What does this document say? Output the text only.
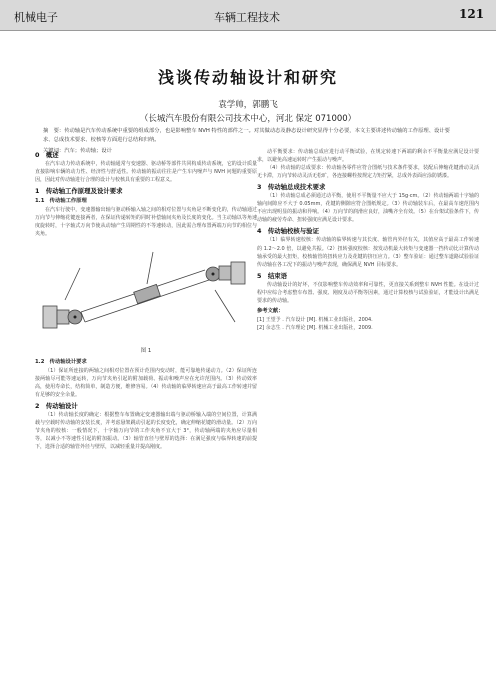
机械电子	车辆工程技术	121
浅谈传动轴设计和研究
袁学帅，郭鹏飞
（长城汽车股份有限公司技术中心，河北 保定 071000）
摘　要：传动轴是汽车传动系统中重要的组成部分，也是影响整车 NVH 特性的部件之一。对其做动态及静态设计研究显得十分必要，本文主要讲述传动轴的工作原理、设计要求、总成技术要求、校核等方面进行总结和归纳。
关键词：汽车；传动轴；设计
0　概述

在汽车动力传动系统中，传动轴通常与变速器、驱动桥等部件共同构成传动系统，它的设计质量直接影响车辆的动力性、经济性与舒适性。传动轴的振动往往是产生车内噪声与 NVH 问题的重要原因，因此对传动轴进行合理的设计与校核具有重要的工程意义。

1　传动轴工作原理及设计要求
1.1　传动轴工作原理

在汽车行驶中，变速器输出轴与驱动桥输入轴之间的相对位置与夹角是不断变化的，传动轴通过万向节与伸缩花键连接两者，在保证传递转矩的同时补偿轴间夹角及长度的变化。当主动轴以等角速度旋转时，十字轴式万向节使从动轴产生周期性的不等速转动，因此需合理布置两端万向节的相位与夹角。

图 1
1.2　传动轴设计要求

（1）保证所连接的两轴之间相对位置在预计范围内变动时，能可靠地传递动力。（2）保证所连接两轴尽可能等速运转，万向节夹角引起的附加载荷、振动和噪声应在允许范围内。（3）传动效率高，使用寿命长，结构简单，制造方便，维修容易。（4）传动轴的临界转速应高于最高工作转速并留有足够的安全余量。

2　传动轴设计

（1）传动轴长度的确定：根据整车布置确定变速器输出端与驱动桥输入端的空间位置，计算满载与空载时传动轴的安装长度，并考虑悬架跳动引起的长度变化，确定伸缩花键的滑动量。（2）万向节夹角的校核：一般情况下，十字轴万向节的工作夹角不宜大于 3°，传动轴两端的夹角应尽量相等，以减小不等速性引起的附加振动。（3）轴管直径与壁厚的选择：在满足强度与临界转速的前提下，选择合适的轴管外径与壁厚，以减轻重量并提高刚度。

动平衡要求：传动轴总成应进行动平衡试验，在规定转速下两端的剩余不平衡量应满足设计要求，以避免高速运转时产生振动与噪声。

（4）传动轴的总成要求：传动轴各零件应符合图纸与技术条件要求，装配后伸缩花键滑动灵活无卡滞，万向节转动灵活无松旷，各连接螺栓按规定力矩拧紧，总成外表面应涂防锈漆。

3　传动轴总成技术要求

（1）传动轴总成必须通过动平衡，使用不平衡量不应大于 15g·cm。（2）传动轴两端十字轴的轴向间隙应不大于 0.05mm，花键的侧隙应符合图纸规定。（3）传动轴装车后，在最高车速范围内不应出现明显的振动和异响。（4）万向节的润滑应良好，油嘴齐全有效。（5）在台架试验条件下，传动轴的疲劳寿命、扭转强度应满足设计要求。

4　传动轴校核与验证

（1）临界转速校核：传动轴的临界转速与其长度、轴管内外径有关，其值应高于最高工作转速的 1.2～2.0 倍，以避免共振。（2）扭转强度校核：按发动机最大转矩与变速器一挡传动比计算传动轴承受的最大扭矩，校核轴管的扭转应力及花键的挤压应力。（3）整车验证：通过整车道路试验验证传动轴在各工况下的振动与噪声表现，确保满足 NVH 目标要求。

5　结束语

传动轴设计的好坏，不仅影响整车传动效率和可靠性，更直接关系到整车 NVH 性能。在设计过程中应综合考虑整车布置、强度、刚度及动平衡等因素，通过计算校核与试验验证，才能设计出满足要求的传动轴。

参考文献：
[1] 王望予 . 汽车设计 [M]. 机械工业出版社，2004.
[2] 余志生 . 汽车理论 [M]. 机械工业出版社，2009.
